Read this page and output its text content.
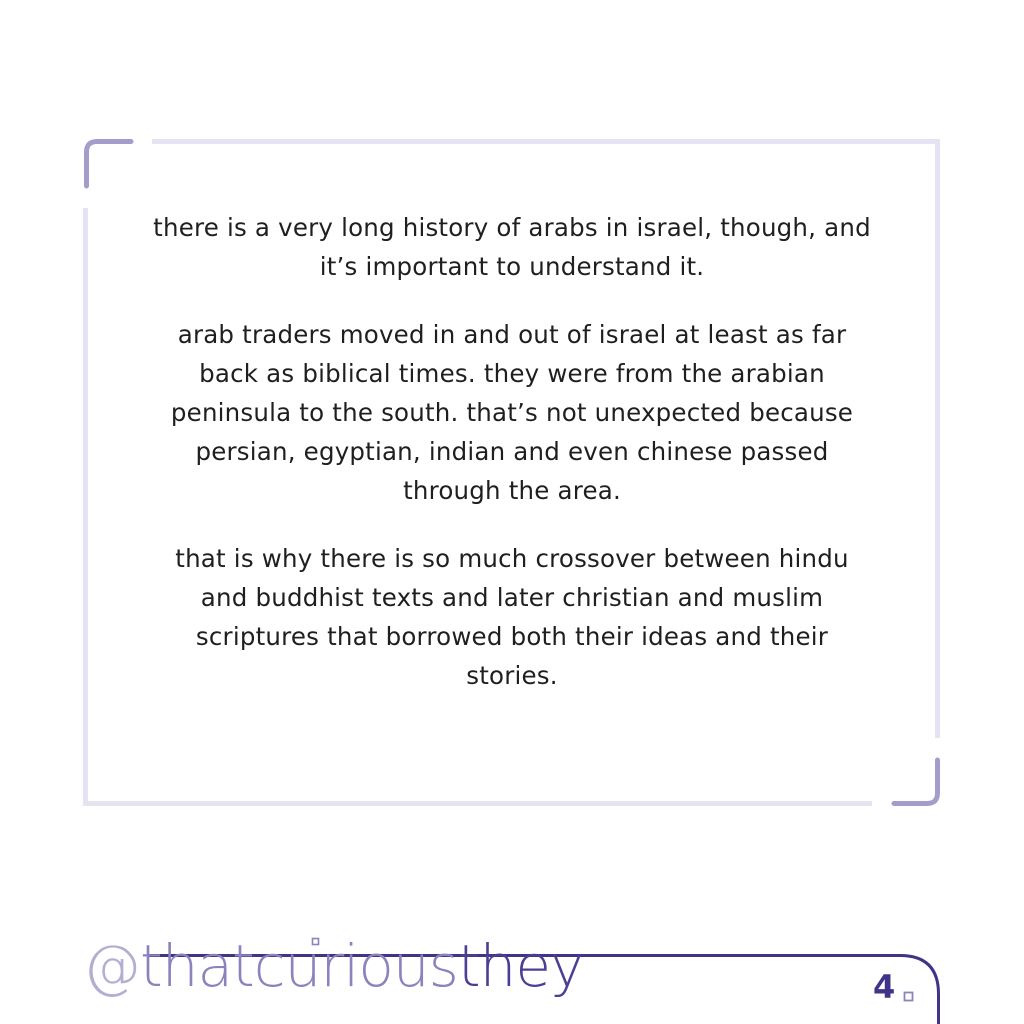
there is a very long history of arabs in israel, though, and it’s important to understand it.

arab traders moved in and out of israel at least as far back as biblical times. they were from the arabian peninsula to the south. that’s not unexpected because persian, egyptian, indian and even chinese passed through the area.

that is why there is so much crossover between hindu and buddhist texts and later christian and muslim scriptures that borrowed both their ideas and their stories.

@thatcuriousthey	4
